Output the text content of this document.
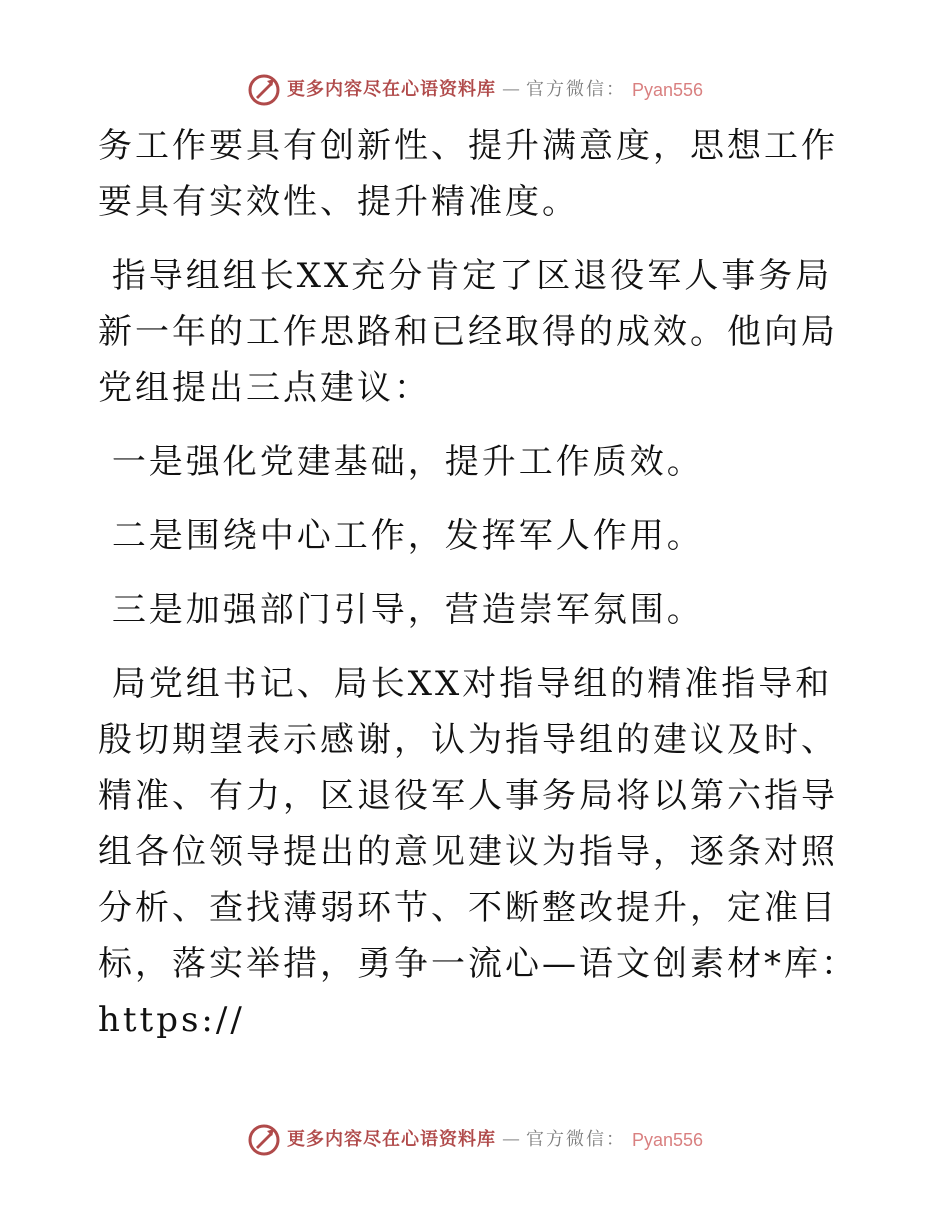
更多内容尽在心语资料库 — 官方微信： Pyan556

务工作要具有创新性、提升满意度，思想工作要具有实效性、提升精准度。

指导组组长XX充分肯定了区退役军人事务局新一年的工作思路和已经取得的成效。他向局党组提出三点建议：

一是强化党建基础，提升工作质效。

二是围绕中心工作，发挥军人作用。

三是加强部门引导，营造崇军氛围。

局党组书记、局长XX对指导组的精准指导和殷切期望表示感谢，认为指导组的建议及时、精准、有力，区退役军人事务局将以第六指导组各位领导提出的意见建议为指导，逐条对照分析、查找薄弱环节、不断整改提升，定准目标，落实举措，勇争一流心—语文创素材*库：https://

更多内容尽在心语资料库 — 官方微信： Pyan556
